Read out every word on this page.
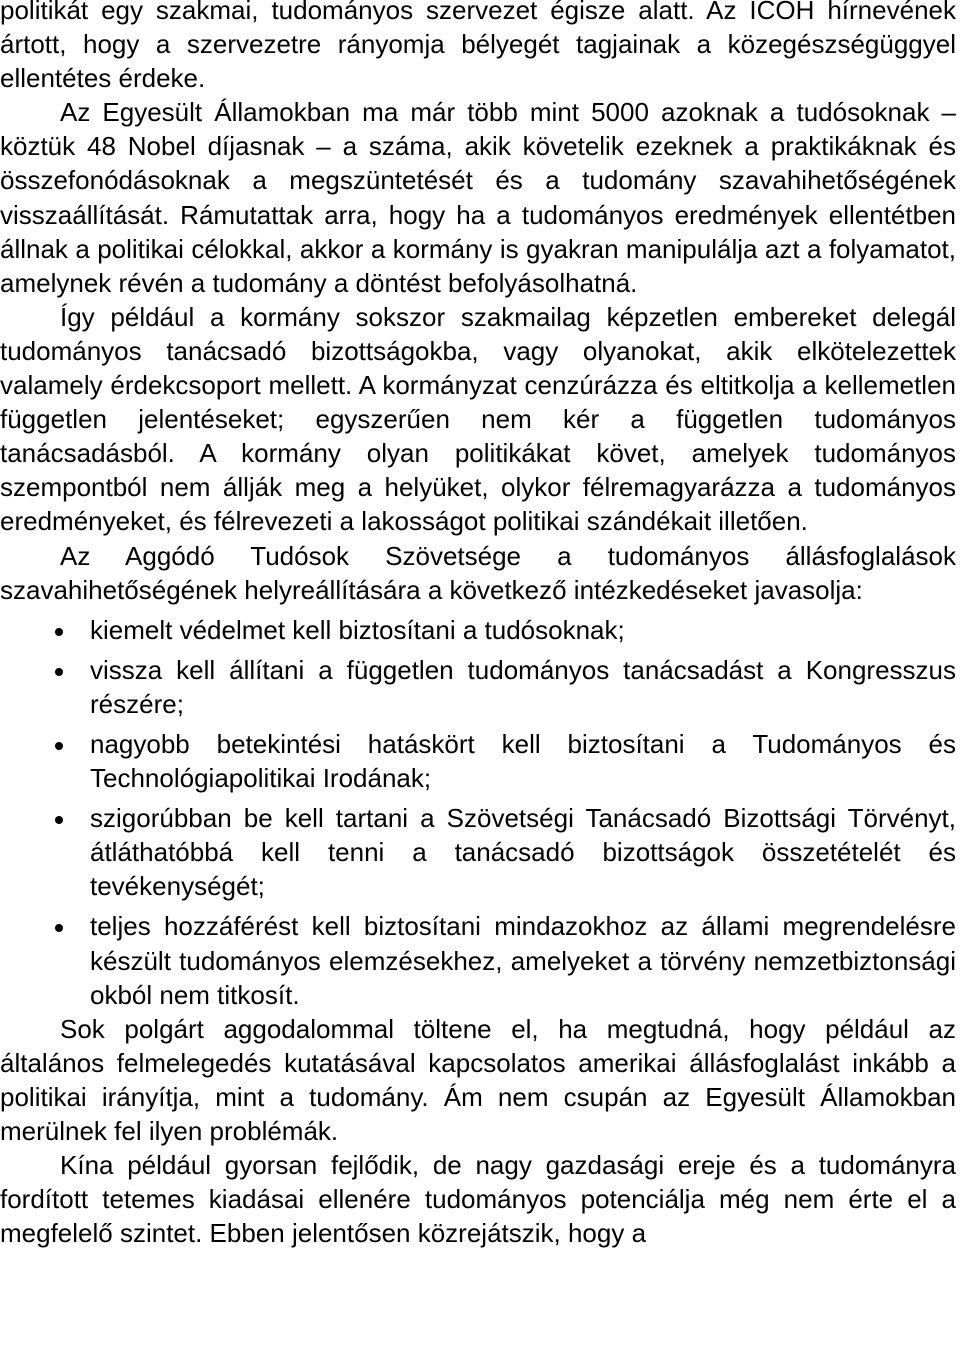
politikát egy szakmai, tudományos szervezet égisze alatt. Az ICOH hírnevének ártott, hogy a szervezetre rányomja bélyegét tagjainak a közegészségüggyel ellentétes érdeke.

Az Egyesült Államokban ma már több mint 5000 azoknak a tudósoknak – köztük 48 Nobel díjasnak – a száma, akik követelik ezeknek a praktikáknak és összefonódásoknak a megszüntetését és a tudomány szavahihetőségének visszaállítását. Rámutattak arra, hogy ha a tudományos eredmények ellentétben állnak a politikai célokkal, akkor a kormány is gyakran manipulálja azt a folyamatot, amelynek révén a tudomány a döntést befolyásolhatná.

Így például a kormány sokszor szakmailag képzetlen embereket delegál tudományos tanácsadó bizottságokba, vagy olyanokat, akik elkötelezettek valamely érdekcsoport mellett. A kormányzat cenzúrázza és eltitkolja a kellemetlen független jelentéseket; egyszerűen nem kér a független tudományos tanácsadásból. A kormány olyan politikákat követ, amelyek tudományos szempontból nem állják meg a helyüket, olykor félremagyarázza a tudományos eredményeket, és félrevezeti a lakosságot politikai szándékait illetően.

Az Aggódó Tudósok Szövetsége a tudományos állásfoglalások szavahihetőségének helyreállítására a következő intézkedéseket javasolja:

kiemelt védelmet kell biztosítani a tudósoknak;
vissza kell állítani a független tudományos tanácsadást a Kongresszus részére;
nagyobb betekintési hatáskört kell biztosítani a Tudományos és Technológiapolitikai Irodának;
szigorúbban be kell tartani a Szövetségi Tanácsadó Bizottsági Törvényt, átláthatóbbá kell tenni a tanácsadó bizottságok összetételét és tevékenységét;
teljes hozzáférést kell biztosítani mindazokhoz az állami megrendelésre készült tudományos elemzésekhez, amelyeket a törvény nemzetbiztonsági okból nem titkosít.

Sok polgárt aggodalommal töltene el, ha megtudná, hogy például az általános felmelegedés kutatásával kapcsolatos amerikai állásfoglalást inkább a politikai irányítja, mint a tudomány. Ám nem csupán az Egyesült Államokban merülnek fel ilyen problémák.

Kína például gyorsan fejlődik, de nagy gazdasági ereje és a tudományra fordított tetemes kiadásai ellenére tudományos potenciálja még nem érte el a megfelelő szintet. Ebben jelentősen közrejátszik, hogy a
